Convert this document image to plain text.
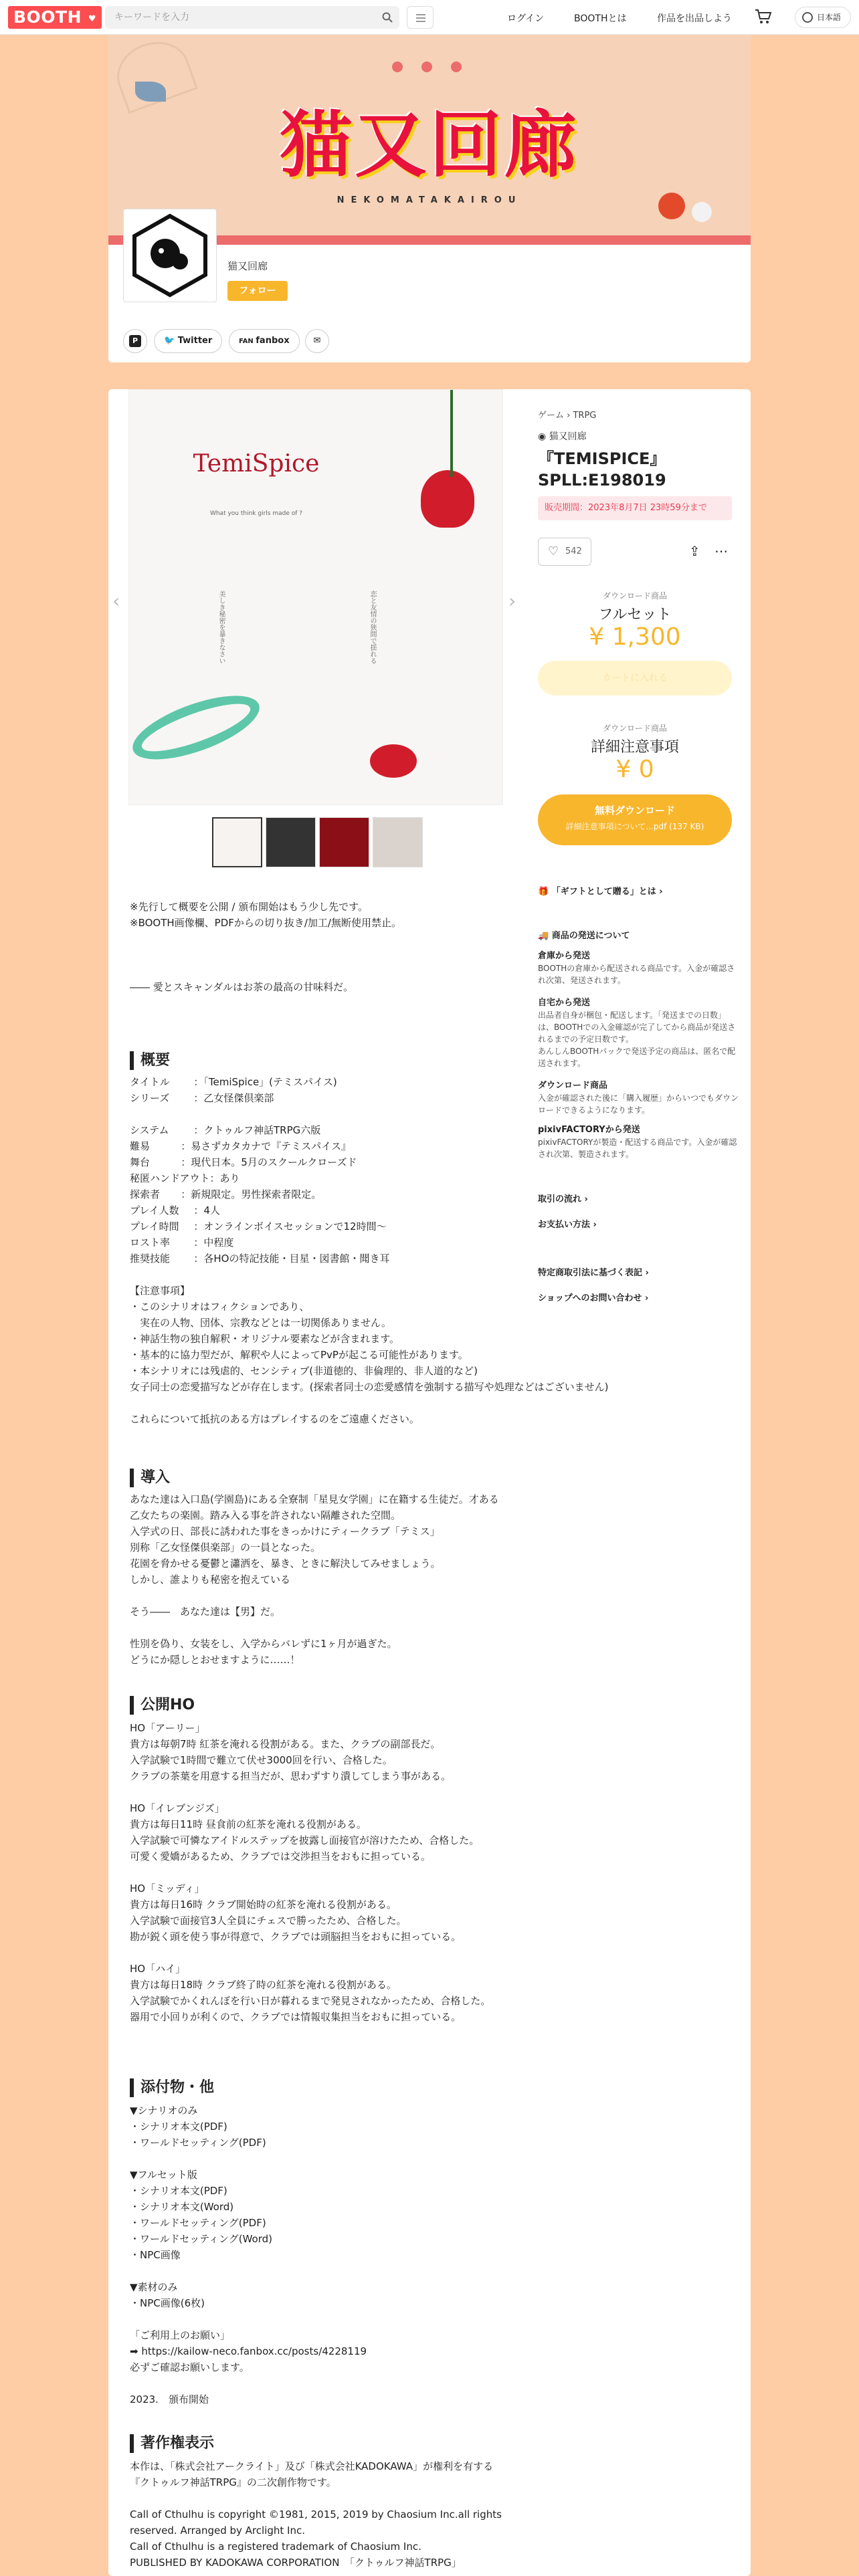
BOOTH ♥	キーワードを入力	ログイン	BOOTHとは	作品を出品しよう	日本語
猫又回廊
NEKOMATAKAIROU
猫又回廊
フォロー
P	🐦 Twitter	FAN fanbox	✉
‹	›
TemiSpice
What you think girls made of ?
恋と友情の狭間で揺れる
美しき秘密を暴きなさい
※先行して概要を公開 / 頒布開始はもう少し先です。
※BOOTH画像欄、PDFからの切り抜き/加工/無断使用禁止。

―― 愛とスキャンダルはお茶の最高の甘味料だ。
概要
タイトル		：「TemiSpice」(テミスパイス)
シリーズ		：乙女怪傑倶楽部

システム		：クトゥルフ神話TRPG六版
難易			：易さずカタカナで『テミスパイス』
舞台			：現代日本。5月のスクールクローズド
秘匿ハンドアウト：あり
探索者		：新規限定。男性探索者限定。
プレイ人数		：4人
プレイ時間		：オンラインボイスセッションで12時間〜
ロスト率		：中程度
推奨技能		：各HOの特記技能・目星・図書館・聞き耳

【注意事項】
・このシナリオはフィクションであり、
　実在の人物、団体、宗教などとは一切関係ありません。
・神話生物の独自解釈・オリジナル要素などが含まれます。
・基本的に協力型だが、解釈や人によってPvPが起こる可能性があります。
・本シナリオには残虐的、センシティブ(非道徳的、非倫理的、非人道的など)
女子同士の恋愛描写などが存在します。(探索者同士の恋愛感情を強制する描写や処理などはございません)

これらについて抵抗のある方はプレイするのをご遠慮ください。
導入
あなた達は入口島(学園島)にある全寮制「星見女学園」に在籍する生徒だ。才ある乙女たちの楽園。踏み入る事を許されない隔離された空間。
入学式の日、部長に誘われた事をきっかけにティークラブ「テミス」
別称「乙女怪傑倶楽部」の一員となった。
花園を脅かせる憂鬱と瀟洒を、暴き、ときに解決してみせましょう。
しかし、誰よりも秘密を抱えている

そう――　あなた達は【男】だ。

性別を偽り、女装をし、入学からバレずに1ヶ月が過ぎた。
どうにか隠しとおせますように……！
公開HO
HO「アーリー」
貴方は毎朝7時 紅茶を淹れる役割がある。また、クラブの副部長だ。
入学試験で1時間で難立て伏せ3000回を行い、合格した。
クラブの茶葉を用意する担当だが、思わずすり潰してしまう事がある。

HO「イレブンジズ」
貴方は毎日11時 昼食前の紅茶を淹れる役割がある。
入学試験で可憐なアイドルステップを披露し面接官が溶けたため、合格した。
可愛く愛嬌があるため、クラブでは交渉担当をおもに担っている。

HO「ミッディ」
貴方は毎日16時 クラブ開始時の紅茶を淹れる役割がある。
入学試験で面接官3人全員にチェスで勝ったため、合格した。
勘が鋭く頭を使う事が得意で、クラブでは頭脳担当をおもに担っている。

HO「ハイ」
貴方は毎日18時 クラブ終了時の紅茶を淹れる役割がある。
入学試験でかくれんぼを行い日が暮れるまで発見されなかったため、合格した。
器用で小回りが利くので、クラブでは情報収集担当をおもに担っている。
添付物・他
▼シナリオのみ
・シナリオ本文(PDF)
・ワールドセッティング(PDF)

▼フルセット版
・シナリオ本文(PDF)
・シナリオ本文(Word)
・ワールドセッティング(PDF)
・ワールドセッティング(Word)
・NPC画像

▼素材のみ
・NPC画像(6枚)

「ご利用上のお願い」
➡ https://kailow-neco.fanbox.cc/posts/4228119
必ずご確認お願いします。

2023.　頒布開始
著作権表示
本作は、「株式会社アークライト」及び「株式会社KADOKAWA」が権利を有する『クトゥルフ神話TRPG』の二次創作物です。

Call of Cthulhu is copyright ©1981, 2015, 2019 by Chaosium Inc.all rights
reserved. Arranged by Arclight Inc.
Call of Cthulhu is a registered trademark of Chaosium Inc.
PUBLISHED BY KADOKAWA CORPORATION　「クトゥルフ神話TRPG」
ゲーム › TRPG
◉ 猫又回廊
『TEMISPICE』SPLL:E198019
販売期間：2023年8月7日 23時59分まで
♡ 542	⇪ ⋯
ダウンロード商品
フルセット
¥ 1,300
カートに入れる
ダウンロード商品
詳細注意事項
¥ 0
無料ダウンロード
詳細注意事項について...pdf (137 KB)
🎁 「ギフトとして贈る」とは ›
🚚 商品の発送について
倉庫から発送
BOOTHの倉庫から配送される商品です。入金が確認され次第、発送されます。
自宅から発送
出品者自身が梱包・配送します。「発送までの日数」は、BOOTHでの入金確認が完了してから商品が発送されるまでの予定日数です。
あんしんBOOTHパックで発送予定の商品は、匿名で配送されます。
ダウンロード商品
入金が確認された後に「購入履歴」からいつでもダウンロードできるようになります。
pixivFACTORYから発送
pixivFACTORYが製造・配送する商品です。入金が確認され次第、製造されます。
取引の流れ ›
お支払い方法 ›
特定商取引法に基づく表記 ›
ショップへのお問い合わせ ›
